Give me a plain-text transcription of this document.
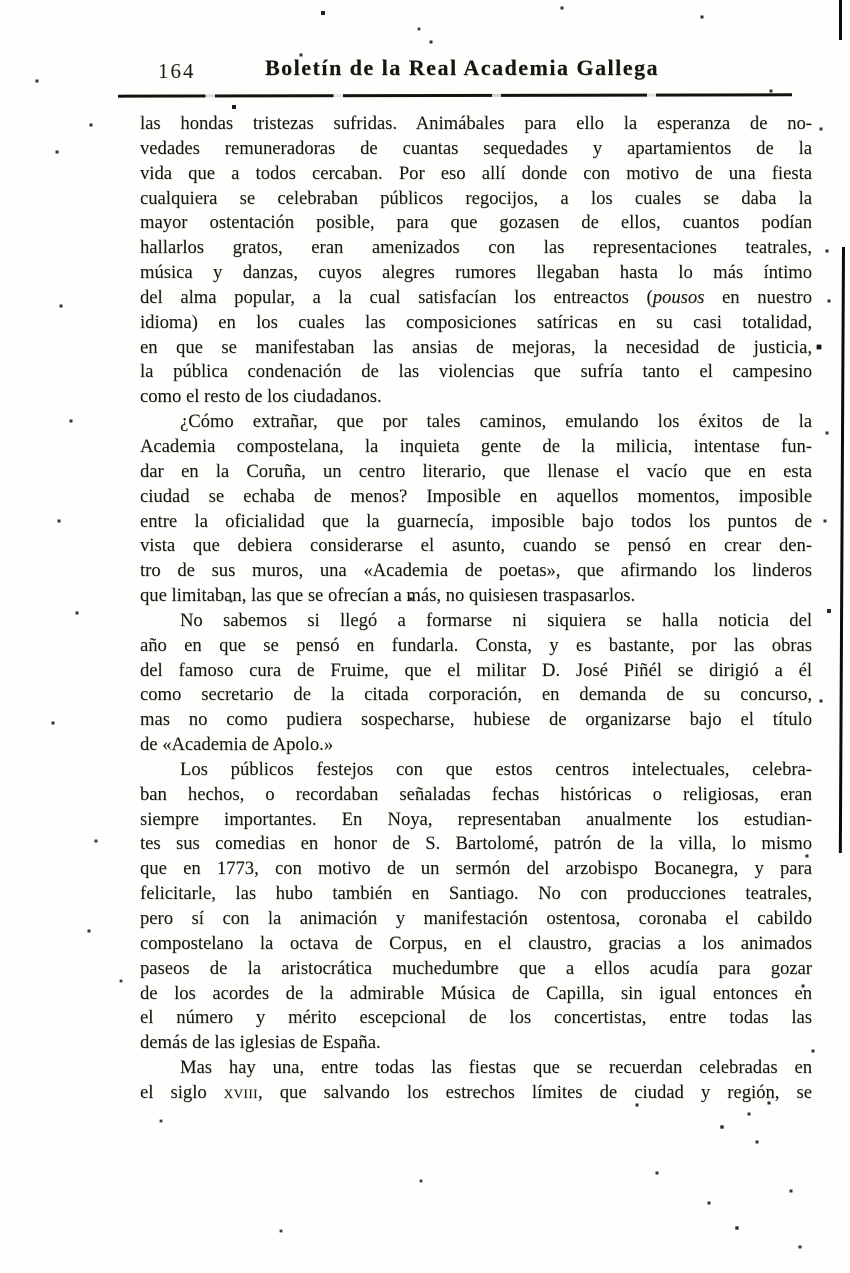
164	Boletín de la Real Academia Gallega
las hondas tristezas sufridas. Animábales para ello la esperanza de no-
vedades remuneradoras de cuantas sequedades y apartamientos de la
vida que a todos cercaban. Por eso allí donde con motivo de una fiesta
cualquiera se celebraban públicos regocijos, a los cuales se daba la
mayor ostentación posible, para que gozasen de ellos, cuantos podían
hallarlos gratos, eran amenizados con las representaciones teatrales,
música y danzas, cuyos alegres rumores llegaban hasta lo más íntimo
del alma popular, a la cual satisfacían los entreactos (pousos en nuestro
idioma) en los cuales las composiciones satíricas en su casi totalidad,
en que se manifestaban las ansias de mejoras, la necesidad de justicia,
la pública condenación de las violencias que sufría tanto el campesino
como el resto de los ciudadanos.
¿Cómo extrañar, que por tales caminos, emulando los éxitos de la
Academia compostelana, la inquieta gente de la milicia, intentase fun-
dar en la Coruña, un centro literario, que llenase el vacío que en esta
ciudad se echaba de menos? Imposible en aquellos momentos, imposible
entre la oficialidad que la guarnecía, imposible bajo todos los puntos de
vista que debiera considerarse el asunto, cuando se pensó en crear den-
tro de sus muros, una «Academia de poetas», que afirmando los linderos
que limitaban, las que se ofrecían a más, no quisiesen traspasarlos.
No sabemos si llegó a formarse ni siquiera se halla noticia del
año en que se pensó en fundarla. Consta, y es bastante, por las obras
del famoso cura de Fruime, que el militar D. José Piñél se dirigió a él
como secretario de la citada corporación, en demanda de su concurso,
mas no como pudiera sospecharse, hubiese de organizarse bajo el título
de «Academia de Apolo.»
Los públicos festejos con que estos centros intelectuales, celebra-
ban hechos, o recordaban señaladas fechas históricas o religiosas, eran
siempre importantes. En Noya, representaban anualmente los estudian-
tes sus comedias en honor de S. Bartolomé, patrón de la villa, lo mismo
que en 1773, con motivo de un sermón del arzobispo Bocanegra, y para
felicitarle, las hubo también en Santiago. No con producciones teatrales,
pero sí con la animación y manifestación ostentosa, coronaba el cabildo
compostelano la octava de Corpus, en el claustro, gracias a los animados
paseos de la aristocrática muchedumbre que a ellos acudía para gozar
de los acordes de la admirable Música de Capilla, sin igual entonces en
el número y mérito escepcional de los concertistas, entre todas las
demás de las iglesias de España.
Mas hay una, entre todas las fiestas que se recuerdan celebradas en
el siglo xviii, que salvando los estrechos límites de ciudad y región, se
